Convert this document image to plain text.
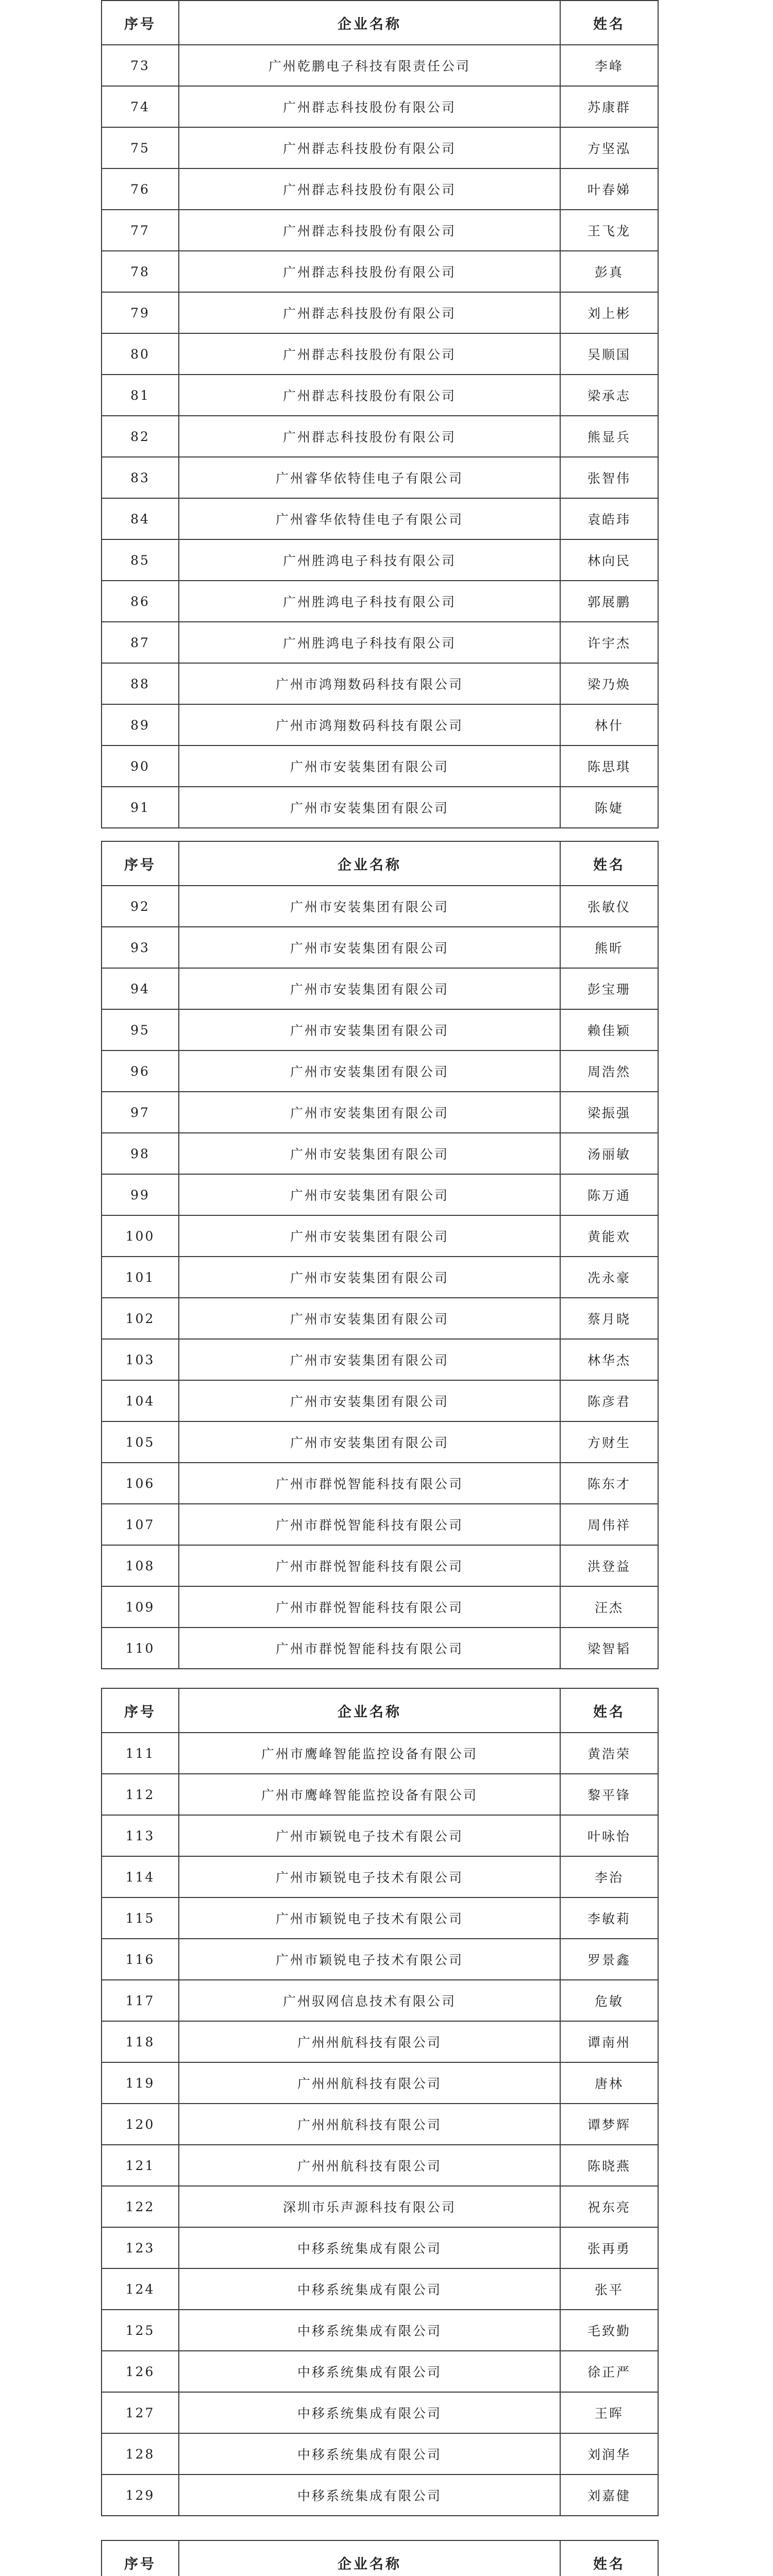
序号	企业名称	姓名
73	广州乾鹏电子科技有限责任公司	李峰
74	广州群志科技股份有限公司	苏康群
75	广州群志科技股份有限公司	方坚泓
76	广州群志科技股份有限公司	叶春娣
77	广州群志科技股份有限公司	王飞龙
78	广州群志科技股份有限公司	彭真
79	广州群志科技股份有限公司	刘上彬
80	广州群志科技股份有限公司	吴顺国
81	广州群志科技股份有限公司	梁承志
82	广州群志科技股份有限公司	熊显兵
83	广州睿华依特佳电子有限公司	张智伟
84	广州睿华依特佳电子有限公司	袁皓玮
85	广州胜鸿电子科技有限公司	林向民
86	广州胜鸿电子科技有限公司	郭展鹏
87	广州胜鸿电子科技有限公司	许宇杰
88	广州市鸿翔数码科技有限公司	梁乃焕
89	广州市鸿翔数码科技有限公司	林什
90	广州市安装集团有限公司	陈思琪
91	广州市安装集团有限公司	陈婕
序号	企业名称	姓名
92	广州市安装集团有限公司	张敏仪
93	广州市安装集团有限公司	熊昕
94	广州市安装集团有限公司	彭宝珊
95	广州市安装集团有限公司	赖佳颖
96	广州市安装集团有限公司	周浩然
97	广州市安装集团有限公司	梁振强
98	广州市安装集团有限公司	汤丽敏
99	广州市安装集团有限公司	陈万通
100	广州市安装集团有限公司	黄能欢
101	广州市安装集团有限公司	冼永豪
102	广州市安装集团有限公司	蔡月晓
103	广州市安装集团有限公司	林华杰
104	广州市安装集团有限公司	陈彦君
105	广州市安装集团有限公司	方财生
106	广州市群悦智能科技有限公司	陈东才
107	广州市群悦智能科技有限公司	周伟祥
108	广州市群悦智能科技有限公司	洪登益
109	广州市群悦智能科技有限公司	汪杰
110	广州市群悦智能科技有限公司	梁智韬
序号	企业名称	姓名
111	广州市鹰峰智能监控设备有限公司	黄浩荣
112	广州市鹰峰智能监控设备有限公司	黎平锋
113	广州市颖锐电子技术有限公司	叶咏怡
114	广州市颖锐电子技术有限公司	李治
115	广州市颖锐电子技术有限公司	李敏莉
116	广州市颖锐电子技术有限公司	罗景鑫
117	广州驭网信息技术有限公司	危敏
118	广州州航科技有限公司	谭南州
119	广州州航科技有限公司	唐林
120	广州州航科技有限公司	谭梦辉
121	广州州航科技有限公司	陈晓燕
122	深圳市乐声源科技有限公司	祝东亮
123	中移系统集成有限公司	张再勇
124	中移系统集成有限公司	张平
125	中移系统集成有限公司	毛致勤
126	中移系统集成有限公司	徐正严
127	中移系统集成有限公司	王晖
128	中移系统集成有限公司	刘润华
129	中移系统集成有限公司	刘嘉健
序号	企业名称	姓名
